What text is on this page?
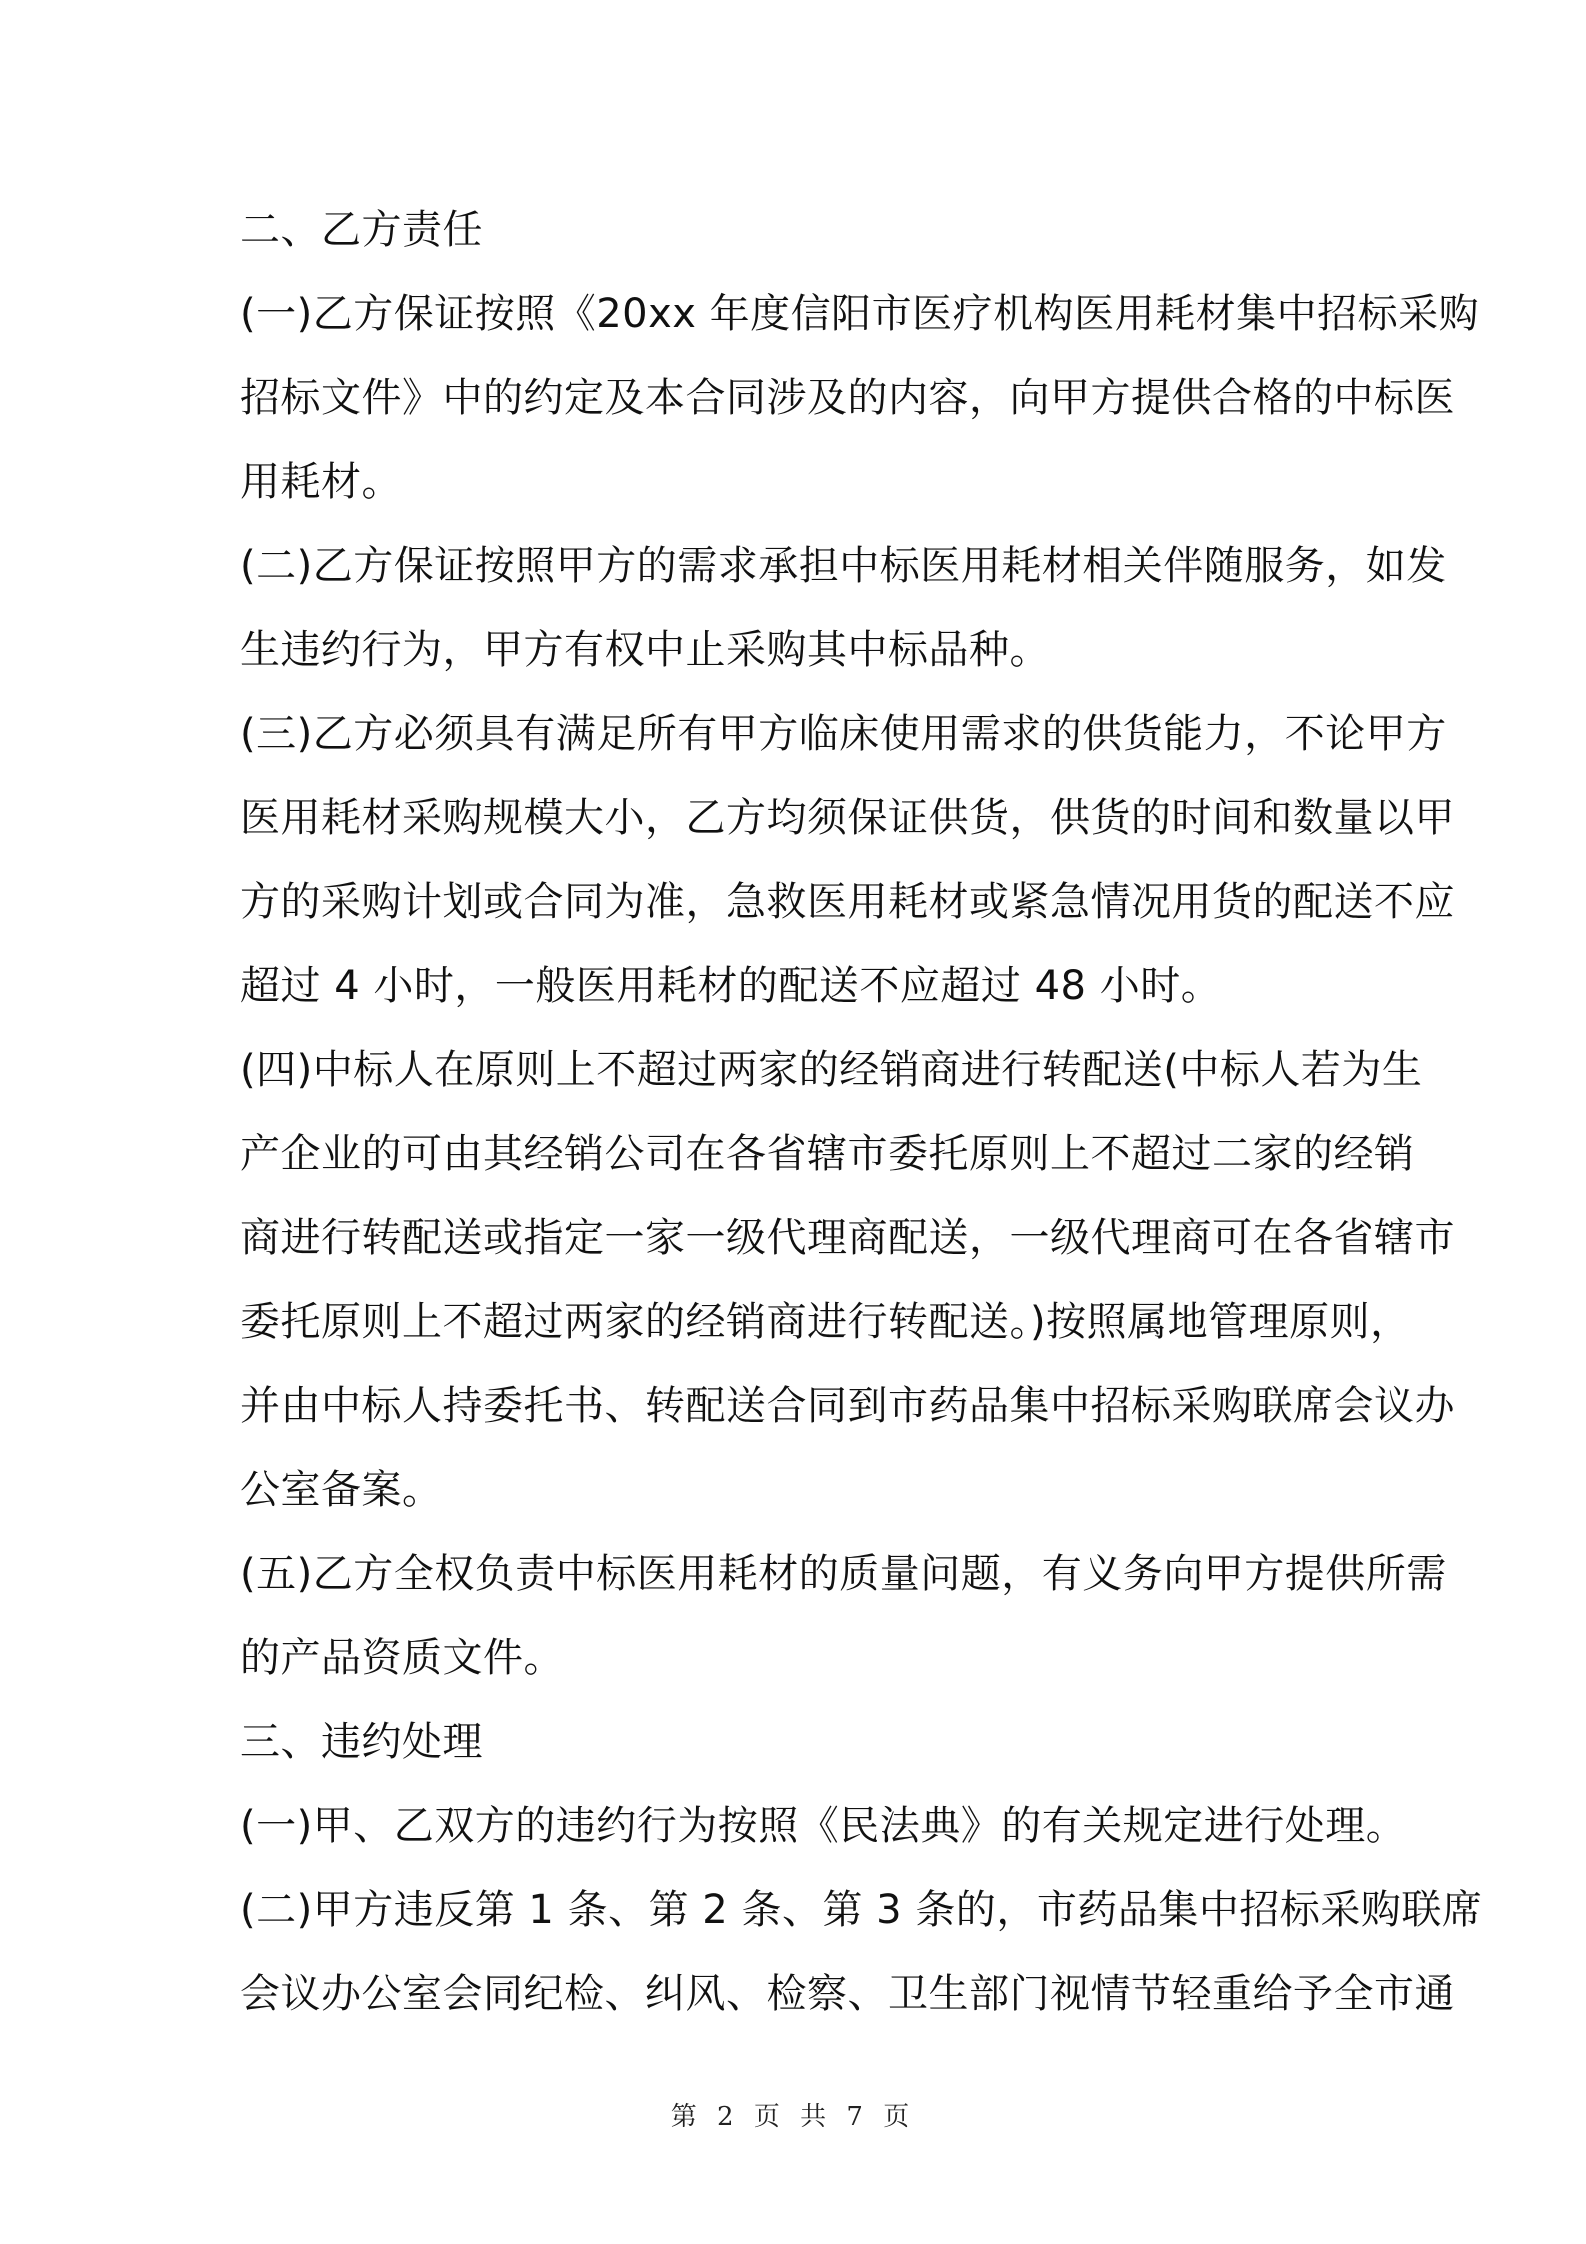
二、乙方责任
(一)乙方保证按照《20xx 年度信阳市医疗机构医用耗材集中招标采购
招标文件》中的约定及本合同涉及的内容，向甲方提供合格的中标医
用耗材。
(二)乙方保证按照甲方的需求承担中标医用耗材相关伴随服务，如发
生违约行为，甲方有权中止采购其中标品种。
(三)乙方必须具有满足所有甲方临床使用需求的供货能力，不论甲方
医用耗材采购规模大小，乙方均须保证供货，供货的时间和数量以甲
方的采购计划或合同为准，急救医用耗材或紧急情况用货的配送不应
超过 4 小时，一般医用耗材的配送不应超过 48 小时。
(四)中标人在原则上不超过两家的经销商进行转配送(中标人若为生
产企业的可由其经销公司在各省辖市委托原则上不超过二家的经销
商进行转配送或指定一家一级代理商配送，一级代理商可在各省辖市
委托原则上不超过两家的经销商进行转配送。)按照属地管理原则，
并由中标人持委托书、转配送合同到市药品集中招标采购联席会议办
公室备案。
(五)乙方全权负责中标医用耗材的质量问题，有义务向甲方提供所需
的产品资质文件。
三、违约处理
(一)甲、乙双方的违约行为按照《民法典》的有关规定进行处理。
(二)甲方违反第 1 条、第 2 条、第 3 条的，市药品集中招标采购联席
会议办公室会同纪检、纠风、检察、卫生部门视情节轻重给予全市通
第 2 页 共 7 页
